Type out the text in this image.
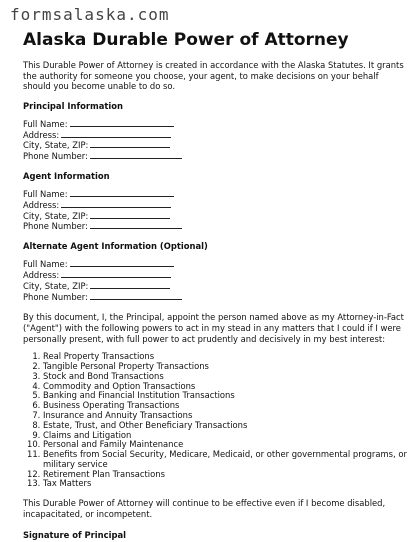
formsalaska.com
Alaska Durable Power of Attorney

This Durable Power of Attorney is created in accordance with the Alaska Statutes. It grants the authority for someone you choose, your agent, to make decisions on your behalf should you become unable to do so.

Principal Information
Full Name:
Address:
City, State, ZIP:
Phone Number:
Agent Information
Full Name:
Address:
City, State, ZIP:
Phone Number:
Alternate Agent Information (Optional)
Full Name:
Address:
City, State, ZIP:
Phone Number:

By this document, I, the Principal, appoint the person named above as my Attorney-in-Fact ("Agent") with the following powers to act in my stead in any matters that I could if I were personally present, with full power to act prudently and decisively in my best interest:

1. Real Property Transactions
2. Tangible Personal Property Transactions
3. Stock and Bond Transactions
4. Commodity and Option Transactions
5. Banking and Financial Institution Transactions
6. Business Operating Transactions
7. Insurance and Annuity Transactions
8. Estate, Trust, and Other Beneficiary Transactions
9. Claims and Litigation
10. Personal and Family Maintenance
11. Benefits from Social Security, Medicare, Medicaid, or other governmental programs, or military service
12. Retirement Plan Transactions
13. Tax Matters

This Durable Power of Attorney will continue to be effective even if I become disabled, incapacitated, or incompetent.

Signature of Principal
